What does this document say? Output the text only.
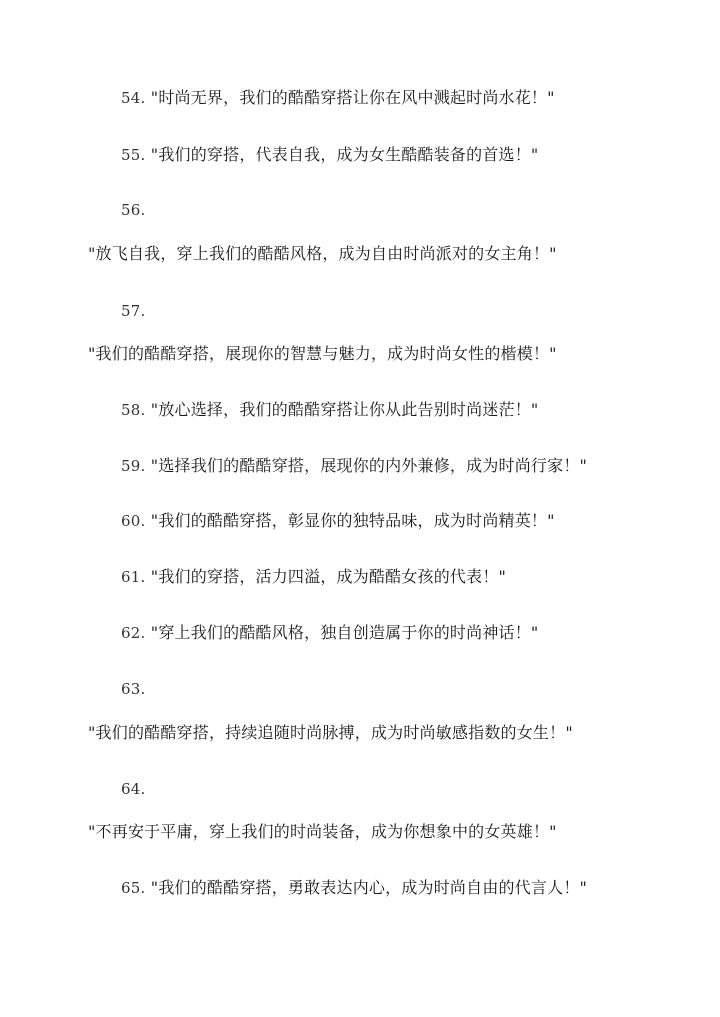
54. "时尚无界，我们的酷酷穿搭让你在风中溅起时尚水花！"
55. "我们的穿搭，代表自我，成为女生酷酷装备的首选！"
56.
"放飞自我，穿上我们的酷酷风格，成为自由时尚派对的女主角！"
57.
"我们的酷酷穿搭，展现你的智慧与魅力，成为时尚女性的楷模！"
58. "放心选择，我们的酷酷穿搭让你从此告别时尚迷茫！"
59. "选择我们的酷酷穿搭，展现你的内外兼修，成为时尚行家！"
60. "我们的酷酷穿搭，彰显你的独特品味，成为时尚精英！"
61. "我们的穿搭，活力四溢，成为酷酷女孩的代表！"
62. "穿上我们的酷酷风格，独自创造属于你的时尚神话！"
63.
"我们的酷酷穿搭，持续追随时尚脉搏，成为时尚敏感指数的女生！"
64.
"不再安于平庸，穿上我们的时尚装备，成为你想象中的女英雄！"
65. "我们的酷酷穿搭，勇敢表达内心，成为时尚自由的代言人！"
